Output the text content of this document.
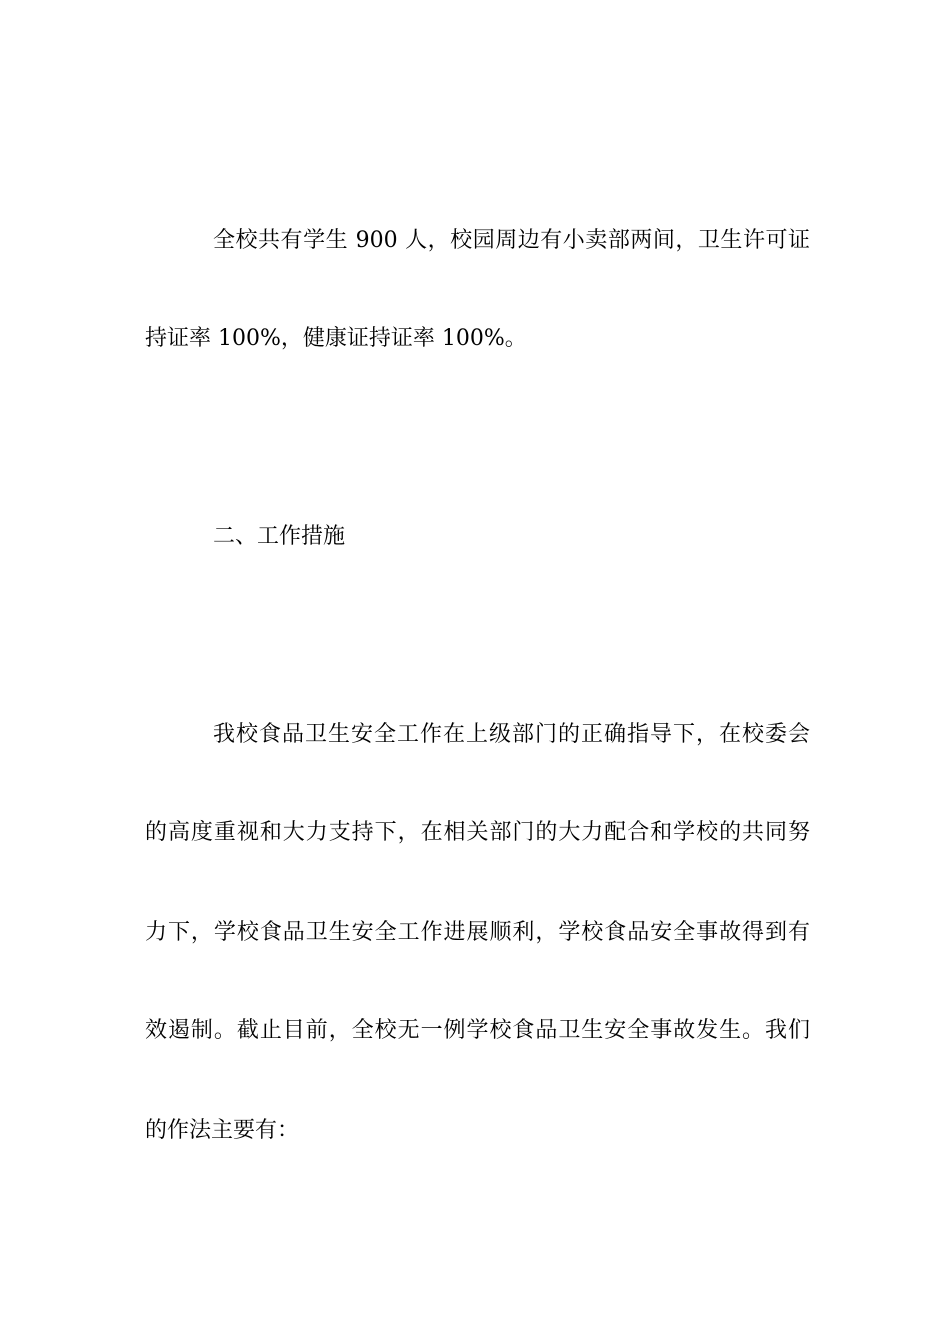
全校共有学生 900 人，校园周边有小卖部两间，卫生许可证
持证率 100%，健康证持证率 100%。
二、工作措施
我校食品卫生安全工作在上级部门的正确指导下，在校委会
的高度重视和大力支持下，在相关部门的大力配合和学校的共同努
力下，学校食品卫生安全工作进展顺利，学校食品安全事故得到有
效遏制。截止目前，全校无一例学校食品卫生安全事故发生。我们
的作法主要有：
